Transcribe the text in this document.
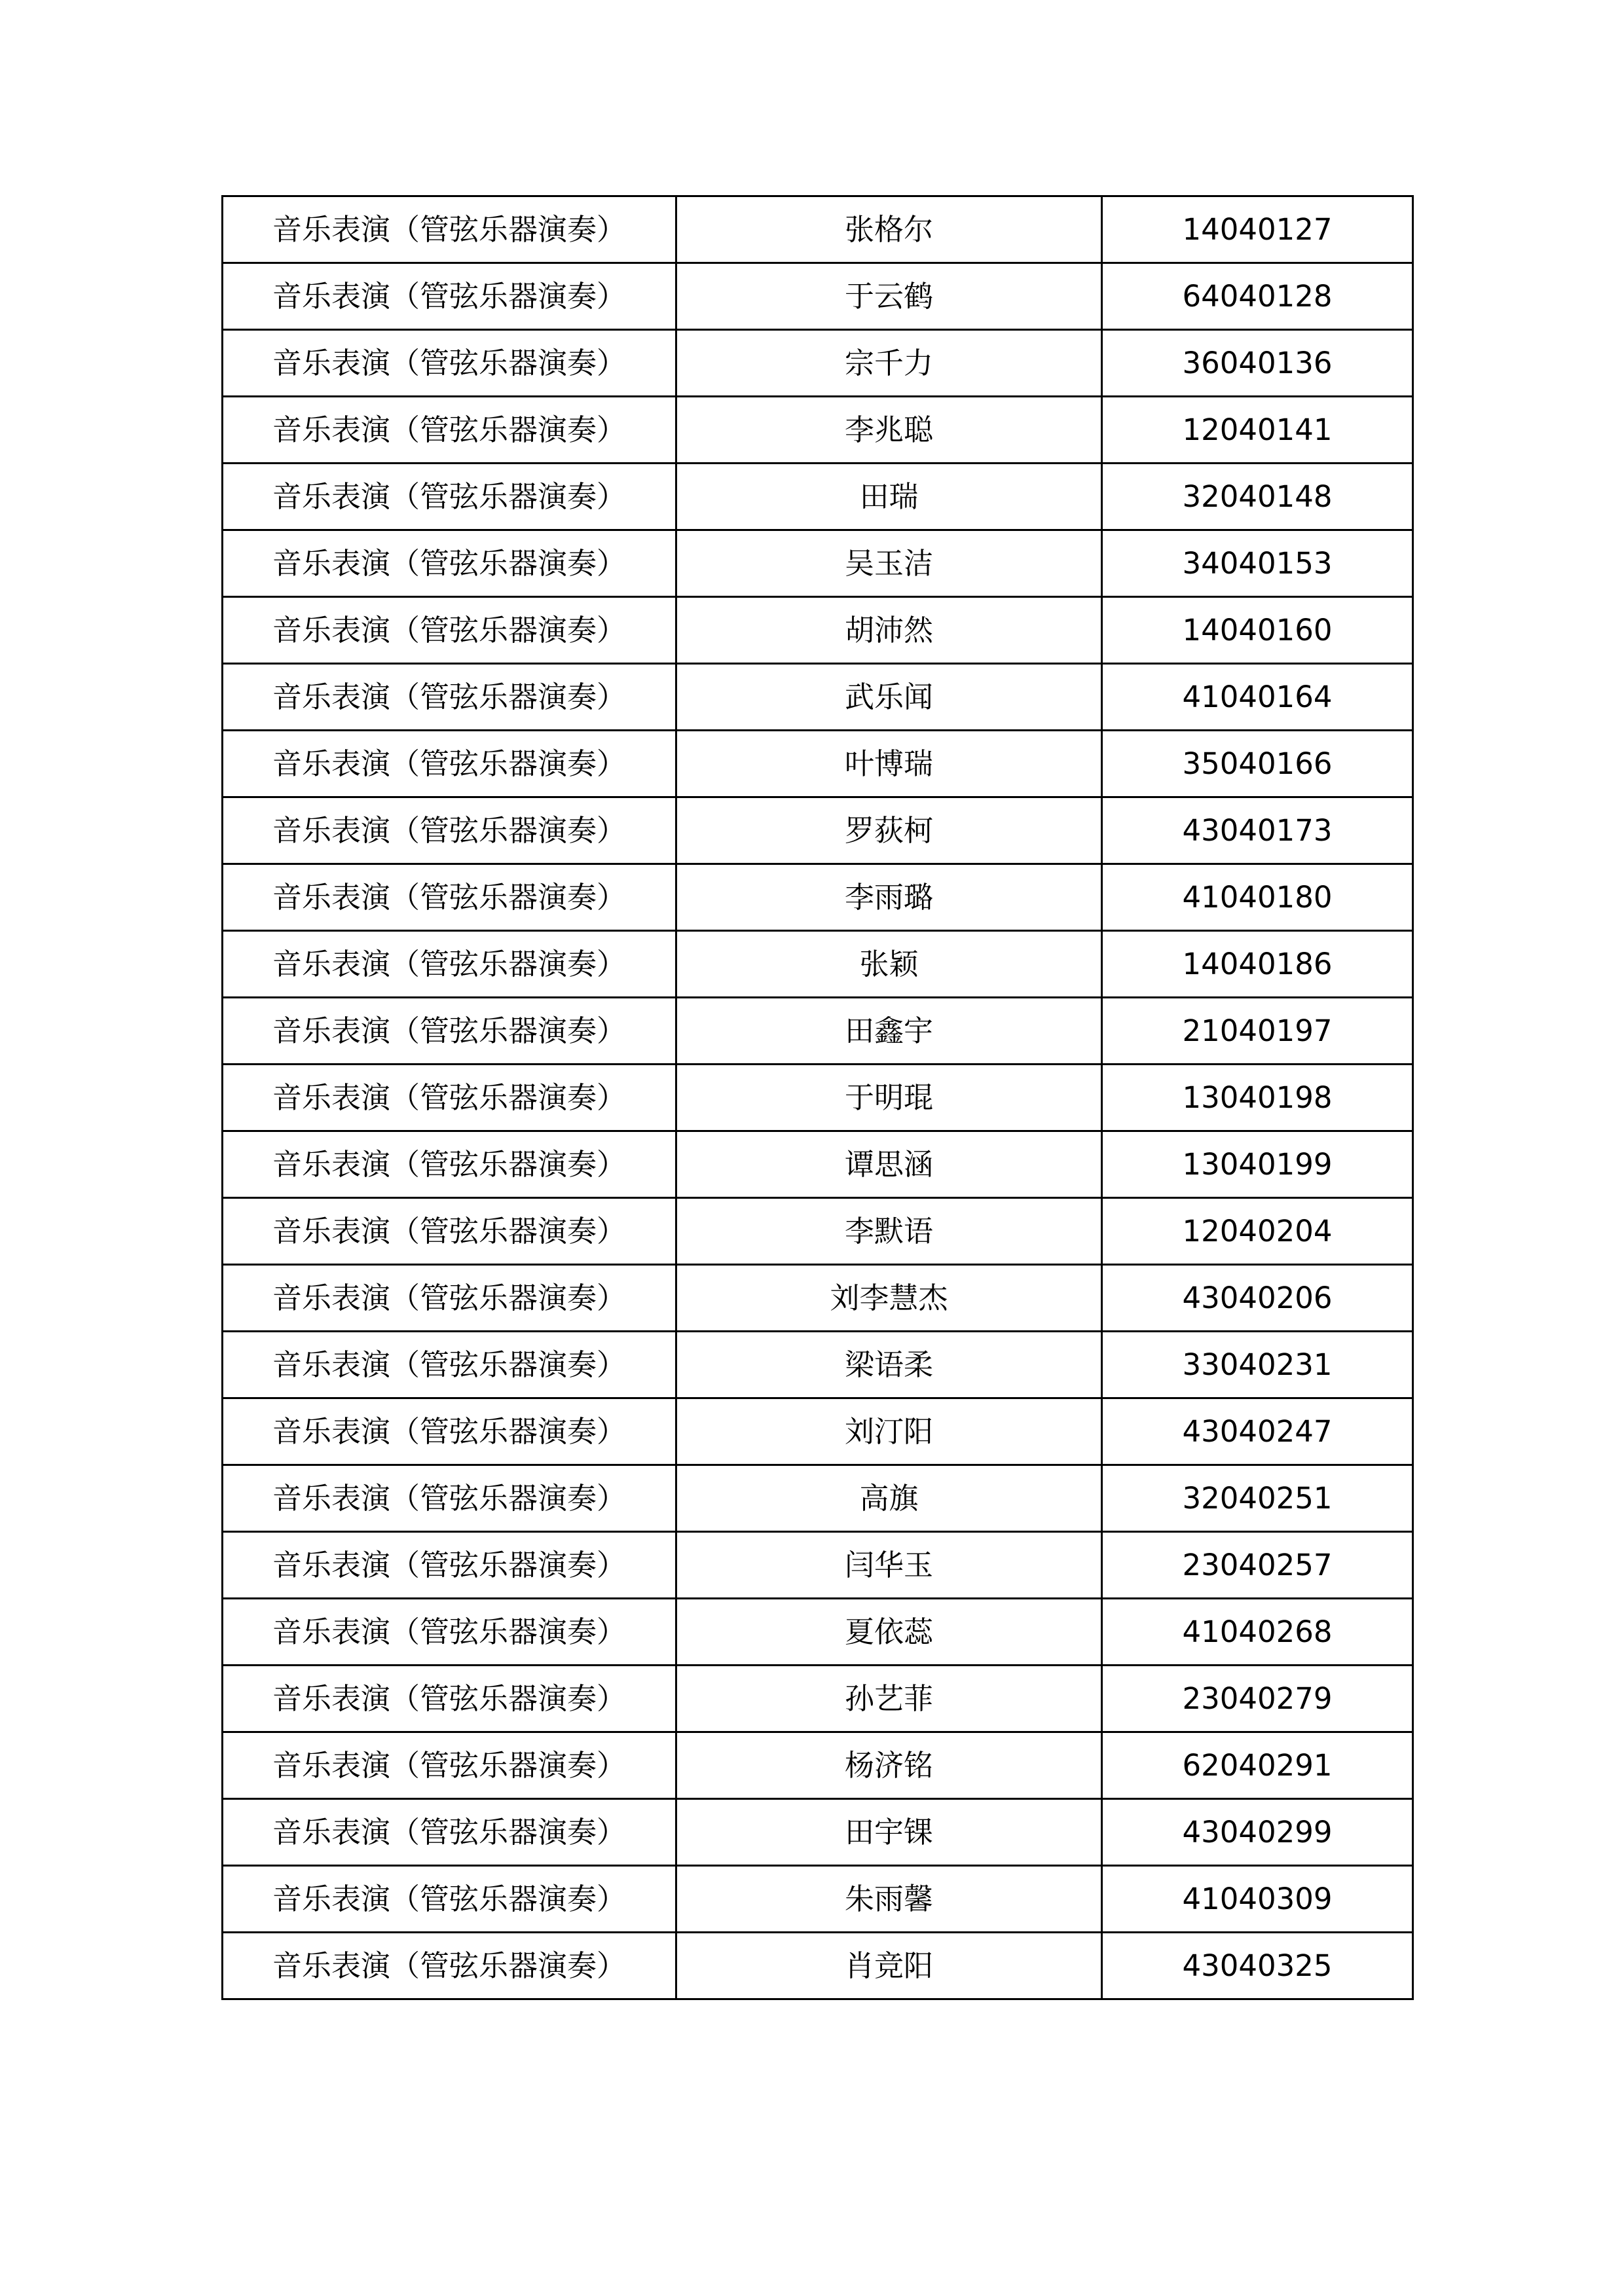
音乐表演（管弦乐器演奏）	张格尔	14040127
音乐表演（管弦乐器演奏）	于云鹤	64040128
音乐表演（管弦乐器演奏）	宗千力	36040136
音乐表演（管弦乐器演奏）	李兆聪	12040141
音乐表演（管弦乐器演奏）	田瑞	32040148
音乐表演（管弦乐器演奏）	吴玉洁	34040153
音乐表演（管弦乐器演奏）	胡沛然	14040160
音乐表演（管弦乐器演奏）	武乐闻	41040164
音乐表演（管弦乐器演奏）	叶博瑞	35040166
音乐表演（管弦乐器演奏）	罗荻柯	43040173
音乐表演（管弦乐器演奏）	李雨璐	41040180
音乐表演（管弦乐器演奏）	张颖	14040186
音乐表演（管弦乐器演奏）	田鑫宇	21040197
音乐表演（管弦乐器演奏）	于明琨	13040198
音乐表演（管弦乐器演奏）	谭思涵	13040199
音乐表演（管弦乐器演奏）	李默语	12040204
音乐表演（管弦乐器演奏）	刘李慧杰	43040206
音乐表演（管弦乐器演奏）	梁语柔	33040231
音乐表演（管弦乐器演奏）	刘汀阳	43040247
音乐表演（管弦乐器演奏）	高旗	32040251
音乐表演（管弦乐器演奏）	闫华玉	23040257
音乐表演（管弦乐器演奏）	夏依蕊	41040268
音乐表演（管弦乐器演奏）	孙艺菲	23040279
音乐表演（管弦乐器演奏）	杨济铭	62040291
音乐表演（管弦乐器演奏）	田宇锞	43040299
音乐表演（管弦乐器演奏）	朱雨馨	41040309
音乐表演（管弦乐器演奏）	肖竞阳	43040325
